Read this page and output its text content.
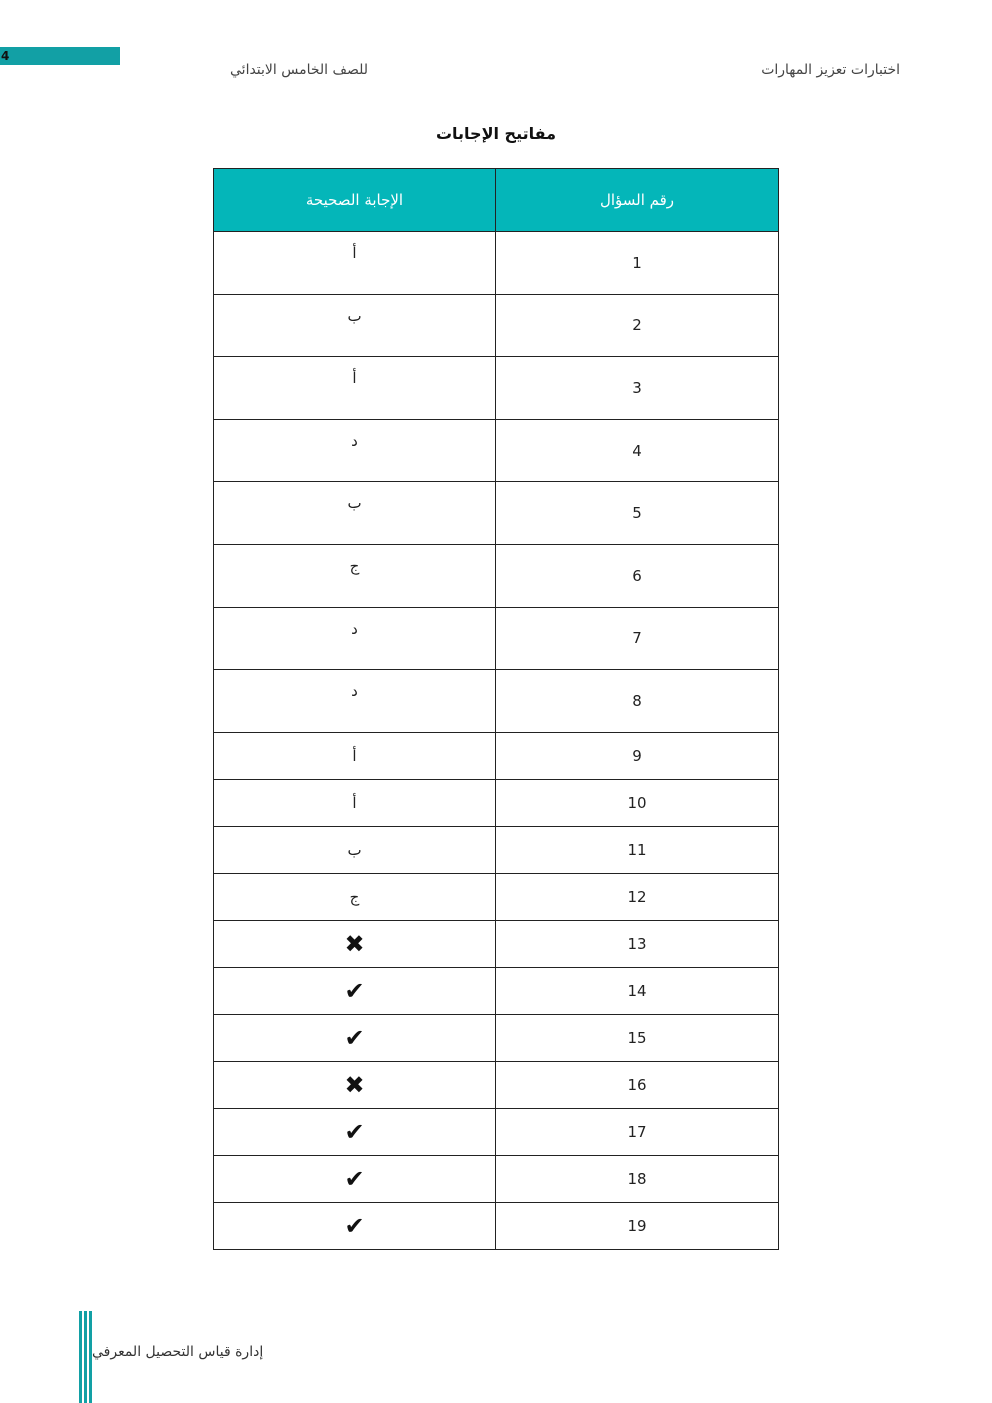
4
اختبارات تعزيز المهارات
للصف الخامس الابتدائي
مفاتيح الإجابات
الإجابة الصحيحة	رقم السؤال
أ	1
ب	2
أ	3
د	4
ب	5
ج	6
د	7
د	8
أ	9
أ	10
ب	11
ج	12
✖	13
✔	14
✔	15
✖	16
✔	17
✔	18
✔	19
إدارة قياس التحصيل المعرفي
